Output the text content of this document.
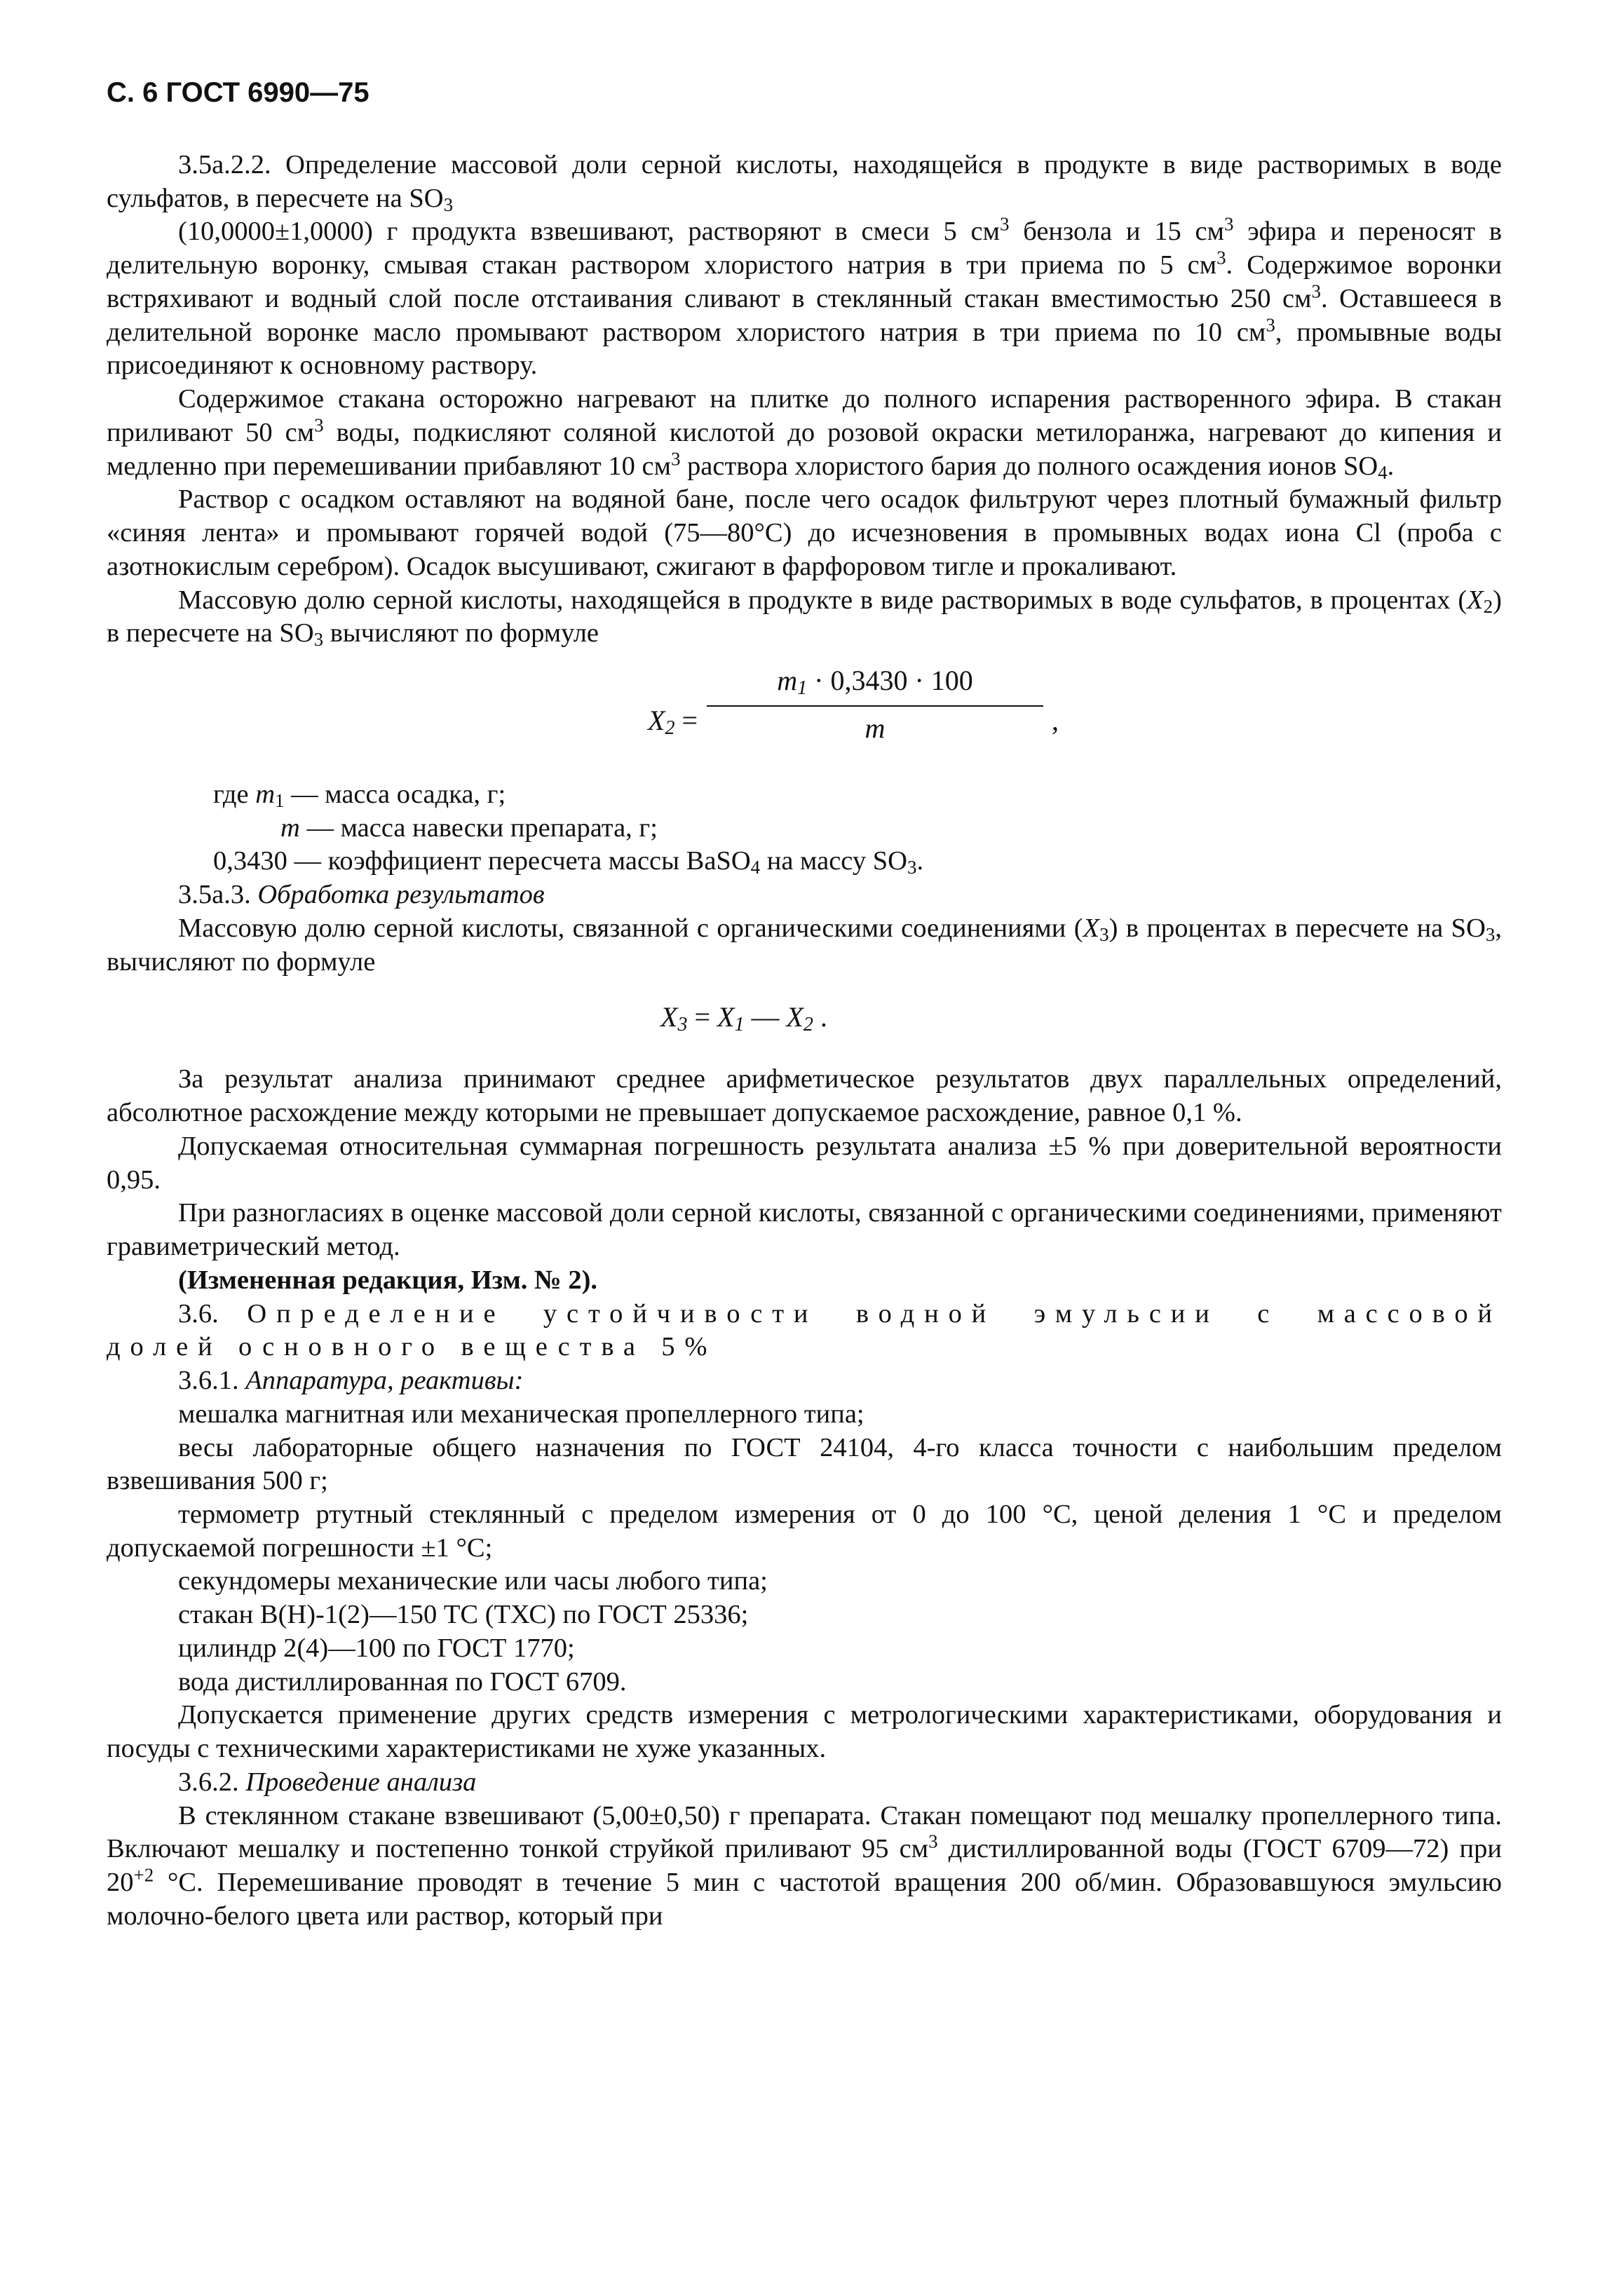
С. 6 ГОСТ 6990—75

3.5а.2.2. Определение массовой доли серной кислоты, находящейся в продукте в виде растворимых в воде сульфатов, в пересчете на $SO_3$

(10,0000±1,0000) г продукта взвешивают, растворяют в смеси 5 $см^3$ бензола и 15 $см^3$ эфира и переносят в делительную воронку, смывая стакан раствором хлористого натрия в три приема по 5 $см^3$. Содержимое воронки встряхивают и водный слой после отстаивания сливают в стеклянный стакан вместимостью 250 $см^3$. Оставшееся в делительной воронке масло промывают раствором хлористого натрия в три приема по 10 $см^3$, промывные воды присоединяют к основному раствору.

Содержимое стакана осторожно нагревают на плитке до полного испарения растворенного эфира. В стакан приливают 50 $см^3$ воды, подкисляют соляной кислотой до розовой окраски метилоранжа, нагревают до кипения и медленно при перемешивании прибавляют 10 $см^3$ раствора хлористого бария до полного осаждения ионов $SO_4$.

Раствор с осадком оставляют на водяной бане, после чего осадок фильтруют через плотный бумажный фильтр «синяя лента» и промывают горячей водой (75—80°С) до исчезновения в промывных водах иона Cl (проба с азотнокислым серебром). Осадок высушивают, сжигают в фарфоровом тигле и прокаливают.

Массовую долю серной кислоты, находящейся в продукте в виде растворимых в воде сульфатов, в процентах $(X_2)$ в пересчете на $SO_3$ вычисляют по формуле

$X_2 = \frac{m_1 \cdot 0,3430 \cdot 100}{m}$ ,

где $m_1$ — масса осадка, г;

m — масса навески препарата, г;

0,3430 — коэффициент пересчета массы BaSO$_4$ на массу $SO_3$.

3.5а.3. Обработка результатов

Массовую долю серной кислоты, связанной с органическими соединениями $(X_3)$ в процентах в пересчете на $SO_3$, вычисляют по формуле

$X_3 = X_1$ — $X_2$ .

За результат анализа принимают среднее арифметическое результатов двух параллельных определений, абсолютное расхождение между которыми не превышает допускаемое расхождение, равное 0,1 %.

Допускаемая относительная суммарная погрешность результата анализа ±5 % при доверительной вероятности 0,95.

При разногласиях в оценке массовой доли серной кислоты, связанной с органическими соединениями, применяют гравиметрический метод.

(Измененная редакция, Изм. № 2).

3.6. Определение устойчивости водной эмульсии с массовой долей основного вещества 5%

3.6.1. Аппаратура, реактивы:

мешалка магнитная или механическая пропеллерного типа;

весы лабораторные общего назначения по ГОСТ 24104, 4-го класса точности с наибольшим пределом взвешивания 500 г;

термометр ртутный стеклянный с пределом измерения от 0 до 100 °С, ценой деления 1 °С и пределом допускаемой погрешности ±1 °С;

секундомеры механические или часы любого типа;

стакан В(Н)-1(2)—150 ТС (ТХС) по ГОСТ 25336;

цилиндр 2(4)—100 по ГОСТ 1770;

вода дистиллированная по ГОСТ 6709.

Допускается применение других средств измерения с метрологическими характеристиками, оборудования и посуды с техническими характеристиками не хуже указанных.

3.6.2. Проведение анализа

В стеклянном стакане взвешивают (5,00±0,50) г препарата. Стакан помещают под мешалку пропеллерного типа. Включают мешалку и постепенно тонкой струйкой приливают 95 $см^3$ дистиллированной воды (ГОСТ 6709—72) при $20^{+2}$ °С. Перемешивание проводят в течение 5 мин с частотой вращения 200 об/мин. Образовавшуюся эмульсию молочно-белого цвета или раствор, который при
